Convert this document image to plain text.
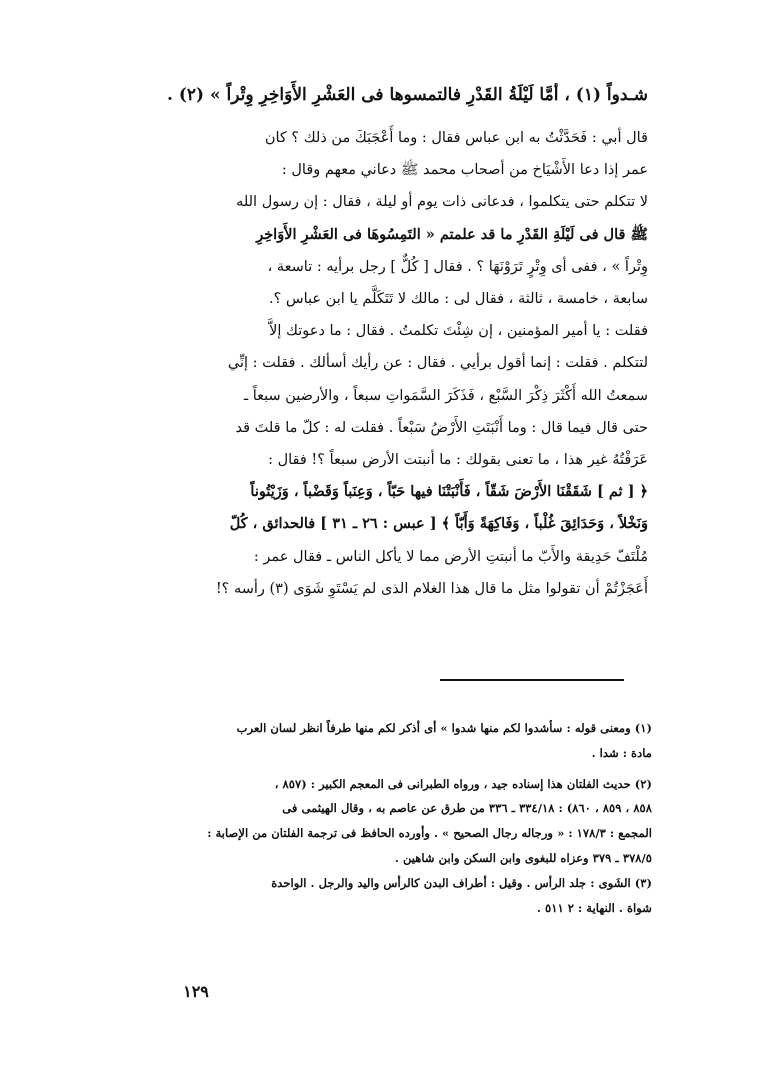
شـدواً (١) ، أمَّا لَيْلَةُ القَدْرِ فالتمسوها فى العَشْرِ الأَوَاخِرِ وِتْراً » (٢) .

قال أبي : فَحَدَّثْتُ به ابن عباس فقال : وما أَعْجَبَكَ من ذلك ؟ كان

عمر إذا دعا الأَشْيَاخ من أصحاب محمد ﷺ دعاني معهم وقال :

لا تتكلم حتى يتكلموا ، فدعانى ذات يوم أو ليلة ، فقال : إن رسول الله

ﷺ قال فى لَيْلَةِ القَدْرِ ما قد علمتم « التَمِسُوهَا فى العَشْرِ الأَوَاخِرِ

وِتْراً » ، ففى أى وِتْرٍ تَرَوْنَهَا ؟ . فقال [ كُلٌّ ] رجل برأيه : تاسعة ،

سابعة ، خامسة ، ثالثة ، فقال لى : مالك لا تَتَكَلَّم يا ابن عباس ؟.

فقلت : يا أمير المؤمنين ، إن شِئْتَ تكلمتُ . فقال : ما دعوتك إلاَّ

لتتكلم . فقلت : إنما أقول برأيي . فقال : عن رأيك أسألك . فقلت : إنِّي

سمعتُ الله أَكْثَرَ ذِكْرَ السَّبْع ، فَذَكَرَ السَّمَواتِ سبعاً ، والأرضين سبعاً ـ

حتى قال فيما قال : وما أَنْبَتَتِ الأَرْضُ سَبْعاً . فقلت له : كلّ ما قلتَ قد

عَرَفْتُهُ غير هذا ، ما تعنى بقولك : ما أنبتت الأرض سبعاً ؟! فقال :

﴿ [ ثم ] شَقَقْنَا الأَرْضَ شَقّاً ، فَأَنْبَتْنَا فيها حَبّاً ، وَعِنَباً وَقَضْباً ، وَزَيْتُوناً

وَنَخْلاً ، وَحَدَائِقَ غُلْباً ، وَفَاكِهَةً وَأَبّاً ﴾ [ عبس : ٢٦ ـ ٣١ ] فالحدائق ، كُلّ

مُلْتَفّ حَدِيقة والأَبّ ما أنبتتِ الأرض مما لا يأكل الناس ـ فقال عمر :

أَعَجَزْتُمْ أن تقولوا مثل ما قال هذا الغلام الذى لم يَسْتَوِ شَوَى (٣) رأسه ؟!

(١) ومعنى قوله : سأشدوا لكم منها شدوا » أى أذكر لكم منها طرفاً انظر لسان العرب

مادة : شدا .

(٢) حديث الفلتان هذا إسناده جيد ، ورواه الطبرانى فى المعجم الكبير : (٨٥٧ ،

٨٥٨ ، ٨٥٩ ، ٨٦٠) : ٣٣٤/١٨ ـ ٣٣٦ من طرق عن عاصم به ، وقال الهيثمى فى

المجمع : ١٧٨/٣ : « ورجاله رجال الصحيح » . وأورده الحافظ فى ترجمة الفلتان من الإصابة :

٣٧٨/٥ ـ ٣٧٩ وعزاه للبغوى وابن السكن وابن شاهين .

(٣) الشَوى : جلد الرأس . وقيل : أطراف البدن كالرأس واليد والرجل . الواحدة

شواة . النهاية : ٢ ٥١١ .

١٢٩
